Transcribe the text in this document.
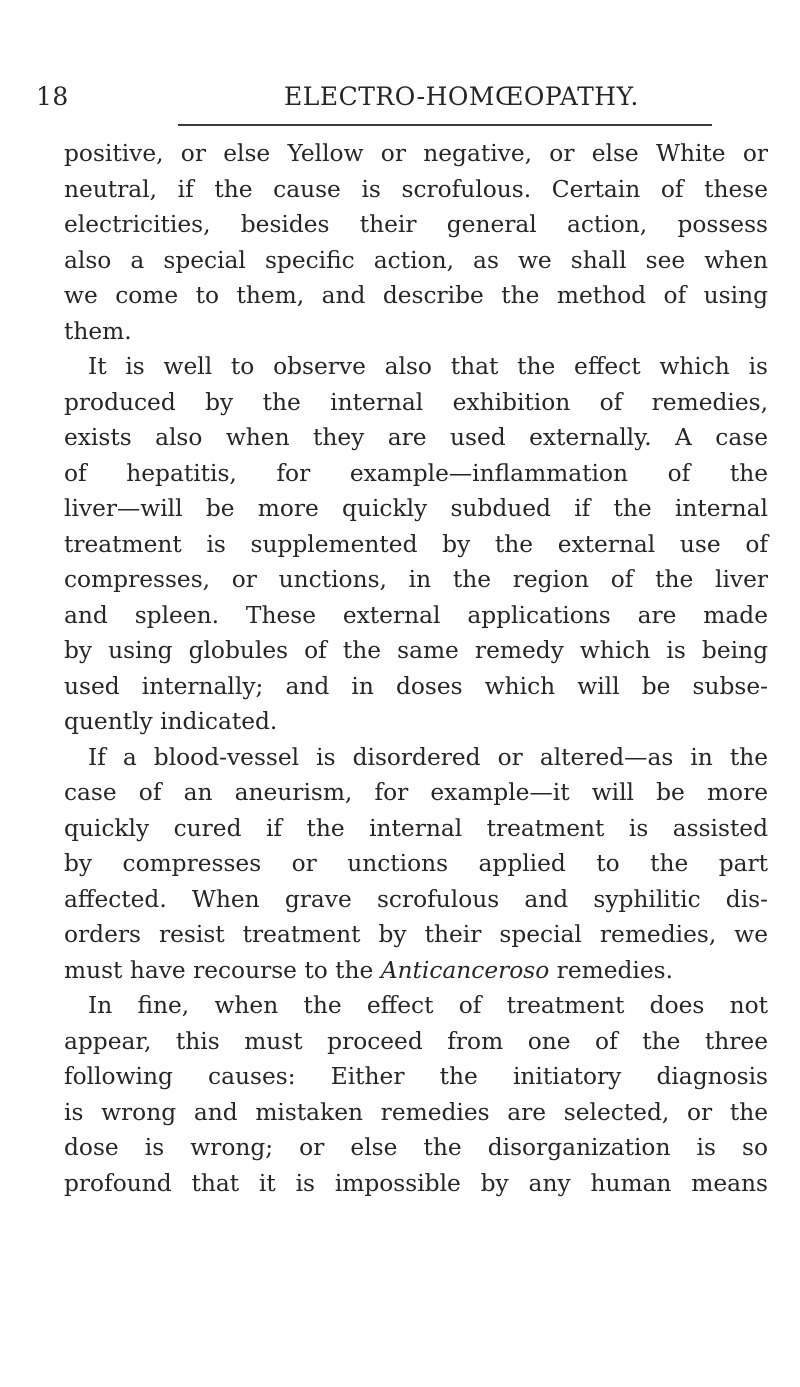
18	ELECTRO-HOMŒOPATHY.
positive, or else Yellow or negative, or else White or
neutral, if the cause is scrofulous. Certain of these
electricities, besides their general action, possess
also a special specific action, as we shall see when
we come to them, and describe the method of using
them.
It is well to observe also that the effect which is
produced by the internal exhibition of remedies,
exists also when they are used externally. A case
of hepatitis, for example—inflammation of the
liver—will be more quickly subdued if the internal
treatment is supplemented by the external use of
compresses, or unctions, in the region of the liver
and spleen. These external applications are made
by using globules of the same remedy which is being
used internally; and in doses which will be subse-
quently indicated.
If a blood-vessel is disordered or altered—as in the
case of an aneurism, for example—it will be more
quickly cured if the internal treatment is assisted
by compresses or unctions applied to the part
affected. When grave scrofulous and syphilitic dis-
orders resist treatment by their special remedies, we
must have recourse to the Anticanceroso remedies.
In fine, when the effect of treatment does not
appear, this must proceed from one of the three
following causes: Either the initiatory diagnosis
is wrong and mistaken remedies are selected, or the
dose is wrong; or else the disorganization is so
profound that it is impossible by any human means
